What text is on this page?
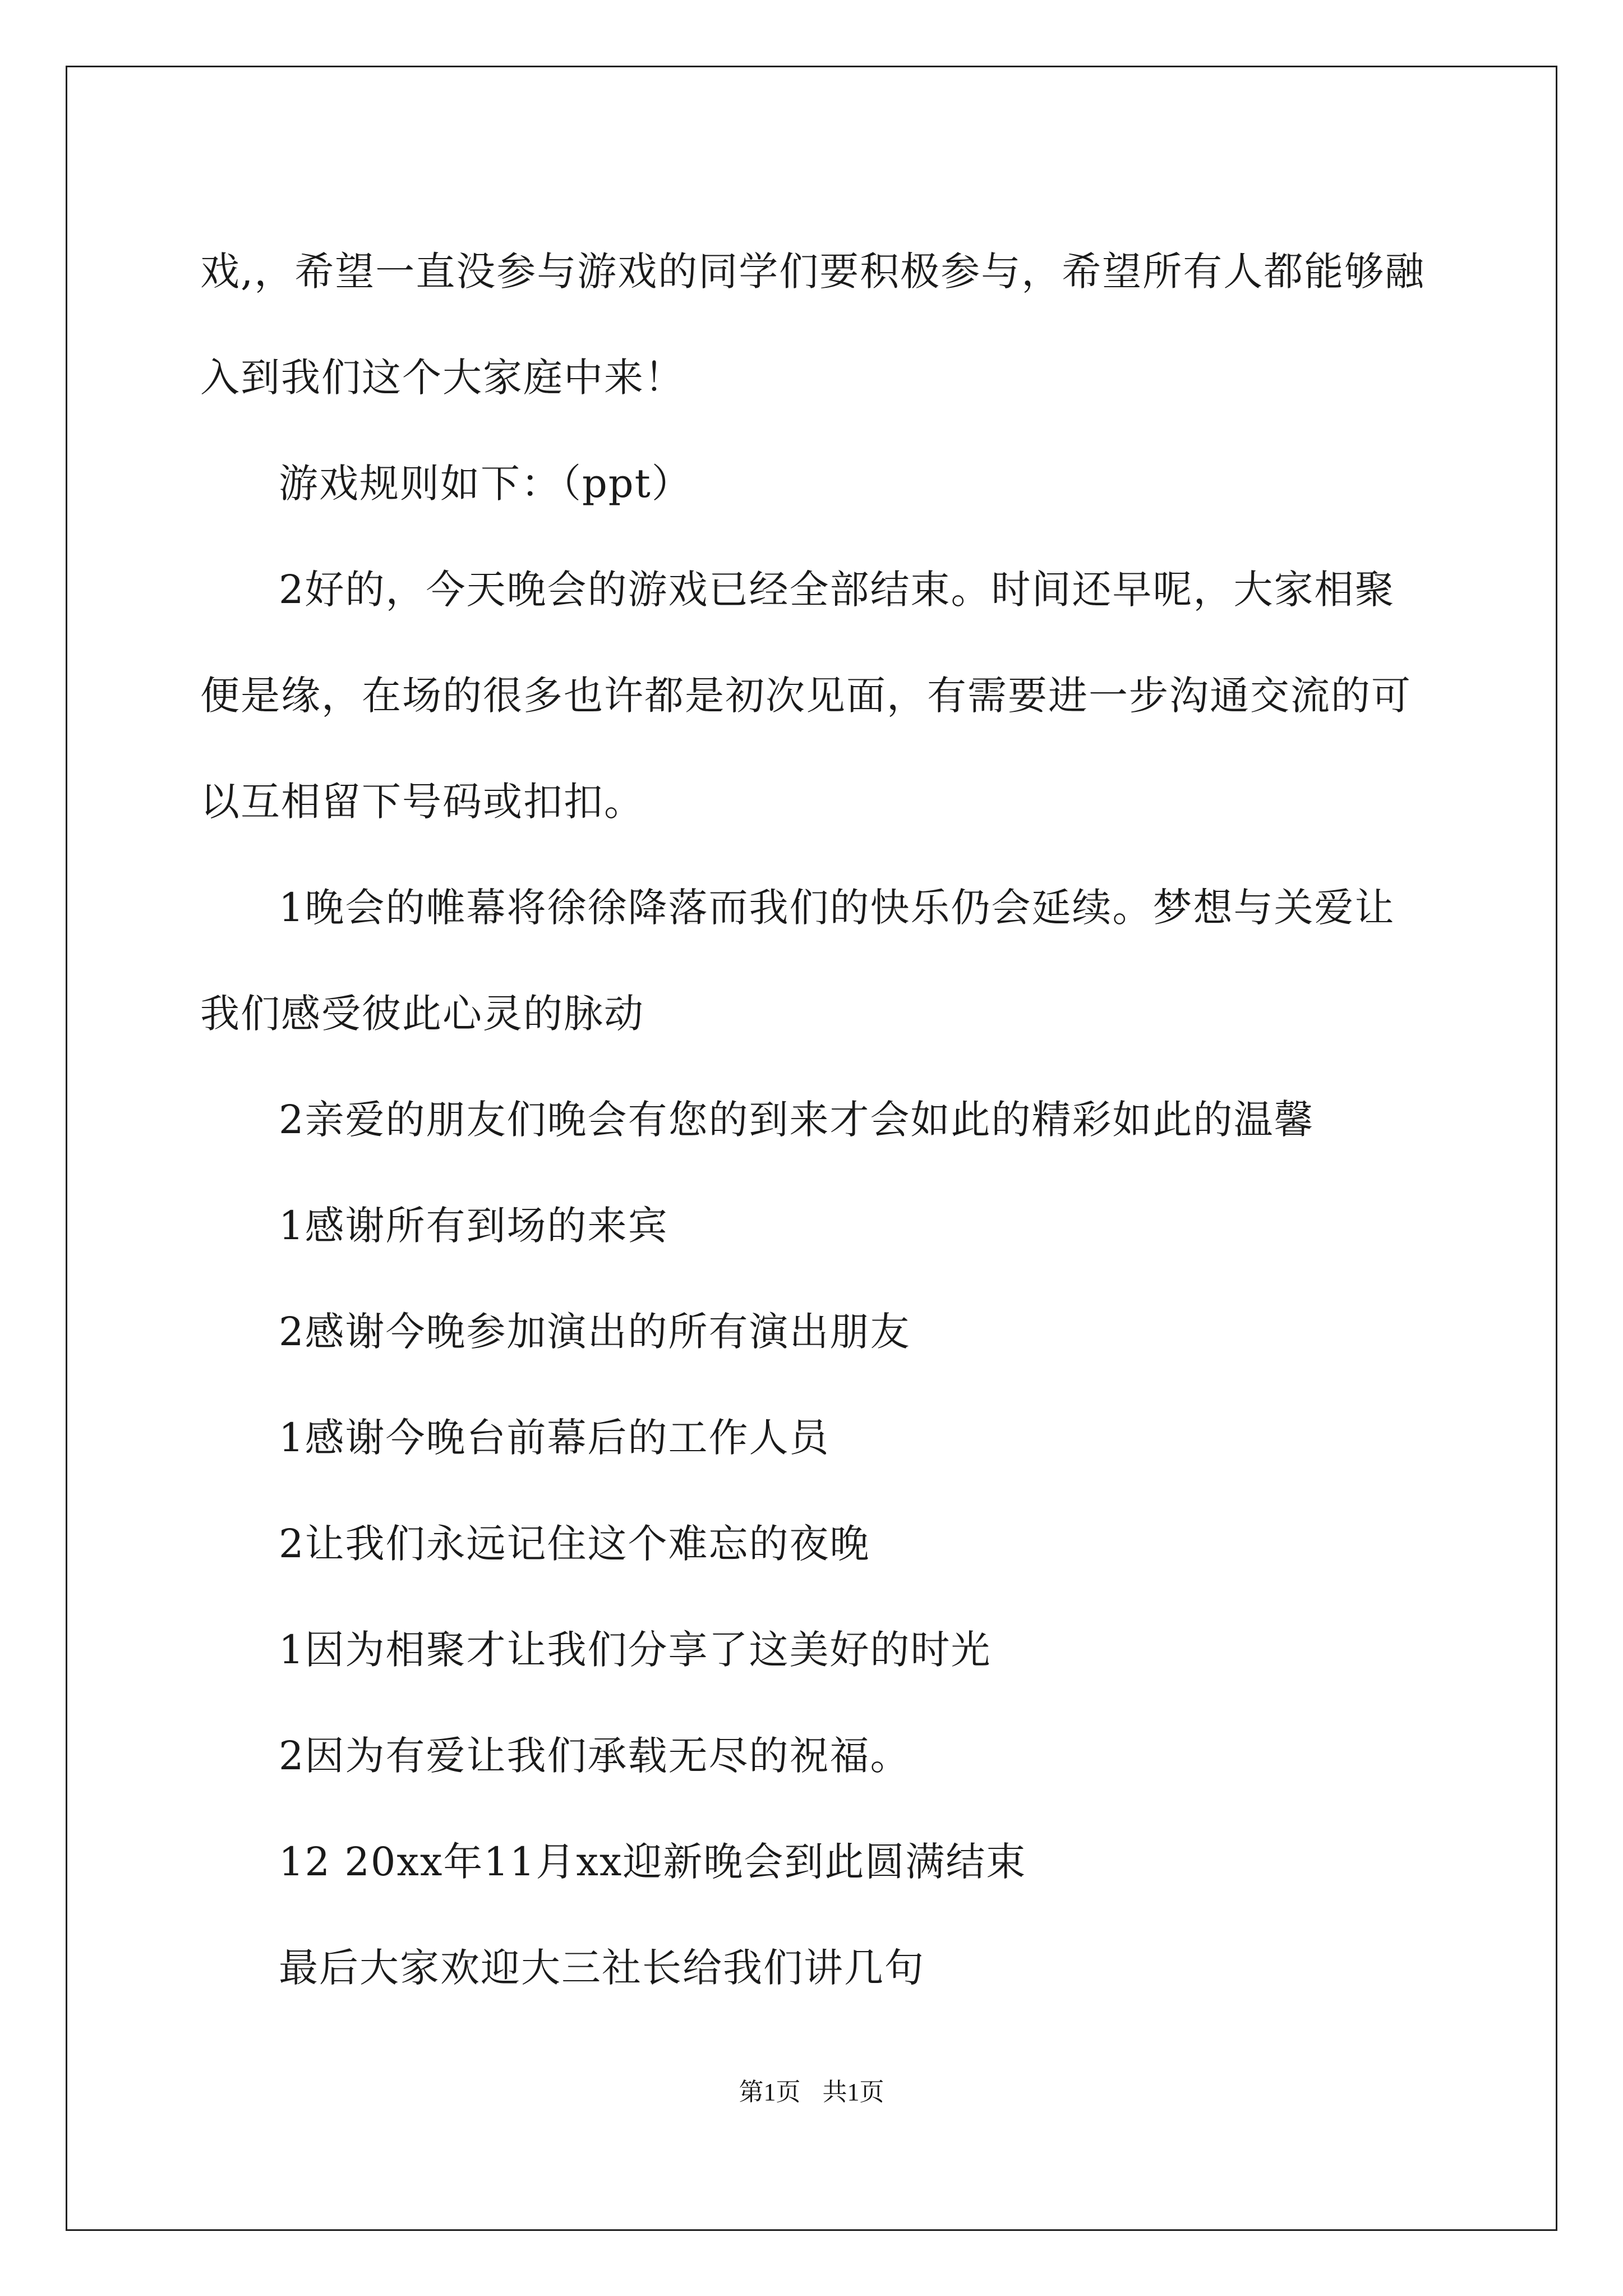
戏,，希望一直没参与游戏的同学们要积极参与，希望所有人都能够融入到我们这个大家庭中来！

游戏规则如下：（ppt）

2好的，今天晚会的游戏已经全部结束。时间还早呢，大家相聚便是缘，在场的很多也许都是初次见面，有需要进一步沟通交流的可以互相留下号码或扣扣。

1晚会的帷幕将徐徐降落而我们的快乐仍会延续。梦想与关爱让我们感受彼此心灵的脉动

2亲爱的朋友们晚会有您的到来才会如此的精彩如此的温馨

1感谢所有到场的来宾

2感谢今晚参加演出的所有演出朋友

1感谢今晚台前幕后的工作人员

2让我们永远记住这个难忘的夜晚

1因为相聚才让我们分享了这美好的时光

2因为有爱让我们承载无尽的祝福。

12 20xx年11月xx迎新晚会到此圆满结束

最后大家欢迎大三社长给我们讲几句

第1页 共1页
